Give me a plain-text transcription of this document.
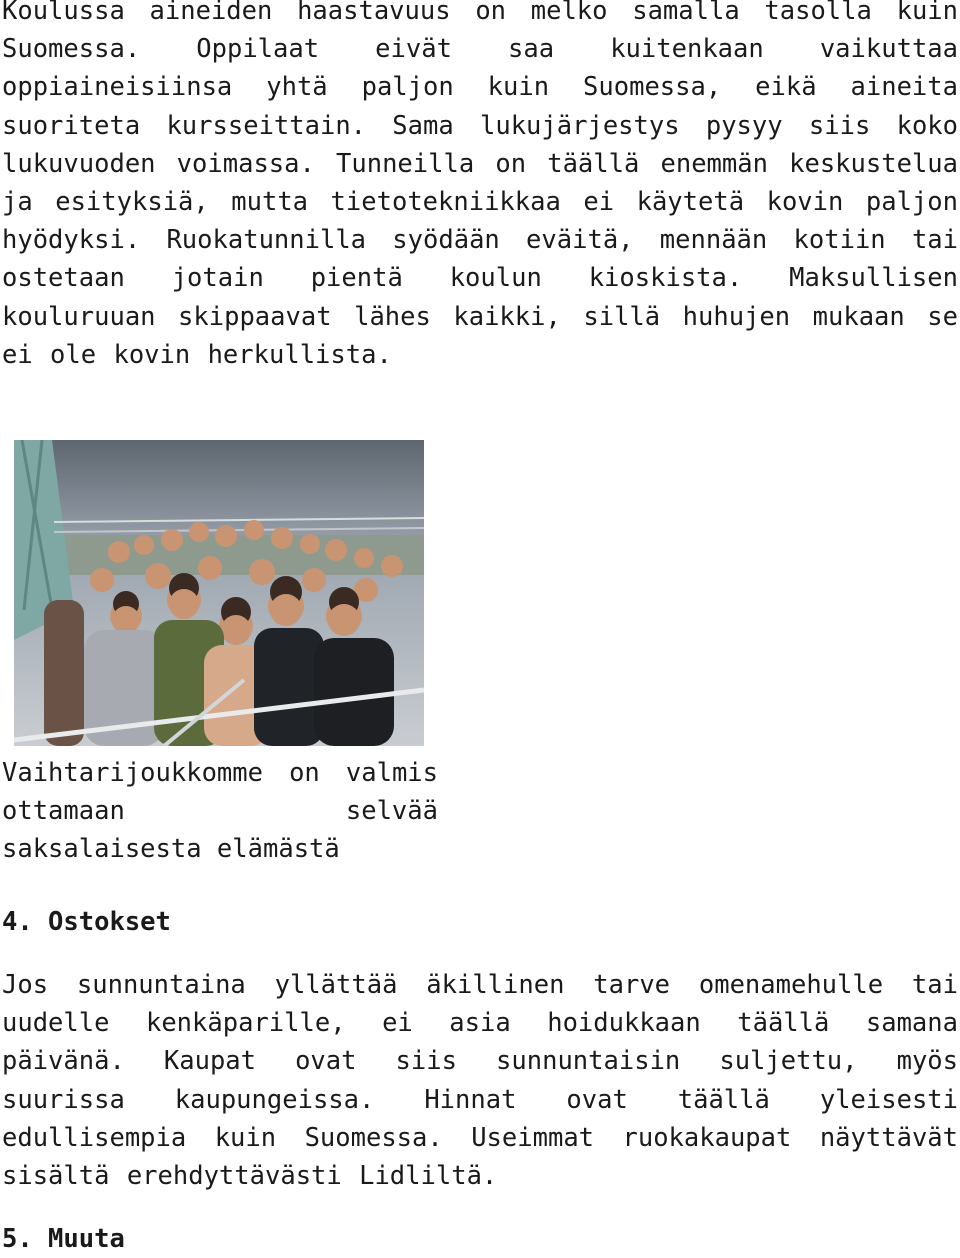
Koulussa aineiden haastavuus on melko samalla tasolla kuin Suomessa. Oppilaat eivät saa kuitenkaan vaikuttaa oppiaineisiinsa yhtä paljon kuin Suomessa, eikä aineita suoriteta kursseittain. Sama lukujärjestys pysyy siis koko lukuvuoden voimassa. Tunneilla on täällä enemmän keskustelua ja esityksiä, mutta tietotekniikkaa ei käytetä kovin paljon hyödyksi. Ruokatunnilla syödään eväitä, mennään kotiin tai ostetaan jotain pientä koulun kioskista. Maksullisen kouluruuan skippaavat lähes kaikki, sillä huhujen mukaan se ei ole kovin herkullista.

Vaihtarijoukkomme on valmis ottamaan selvää saksalaisesta elämästä

4. Ostokset

Jos sunnuntaina yllättää äkillinen tarve omenamehulle tai uudelle kenkäparille, ei asia hoidukkaan täällä samana päivänä. Kaupat ovat siis sunnuntaisin suljettu, myös suurissa kaupungeissa. Hinnat ovat täällä yleisesti edullisempia kuin Suomessa. Useimmat ruokakaupat näyttävät sisältä erehdyttävästi Lidliltä.

5. Muuta
